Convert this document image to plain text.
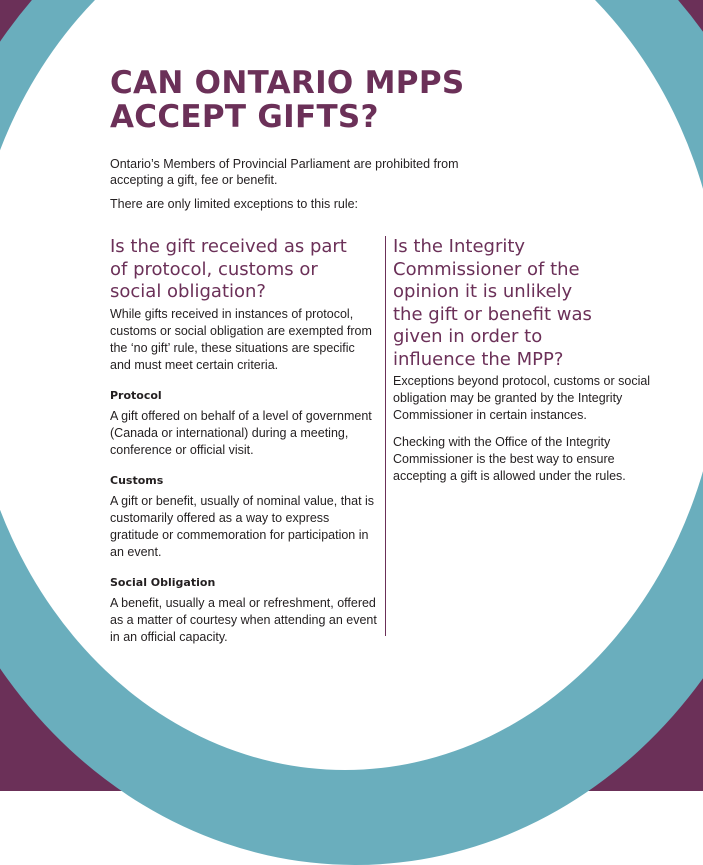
CAN ONTARIO MPPS
ACCEPT GIFTS?

Ontario’s Members of Provincial Parliament are prohibited from accepting a gift, fee or benefit.

There are only limited exceptions to this rule:

Is the gift received as part
of protocol, customs or
social obligation?

While gifts received in instances of protocol, customs or social obligation are exempted from the ‘no gift’ rule, these situations are specific and must meet certain criteria.

Protocol

A gift offered on behalf of a level of government (Canada or international) during a meeting, conference or official visit.

Customs

A gift or benefit, usually of nominal value, that is customarily offered as a way to express gratitude or commemoration for participation in an event.

Social Obligation

A benefit, usually a meal or refreshment, offered as a matter of courtesy when attending an event in an official capacity.

Is the Integrity
Commissioner of the
opinion it is unlikely
the gift or benefit was
given in order to
influence the MPP?

Exceptions beyond protocol, customs or social obligation may be granted by the Integrity Commissioner in certain instances.

Checking with the Office of the Integrity Commissioner is the best way to ensure accepting a gift is allowed under the rules.
